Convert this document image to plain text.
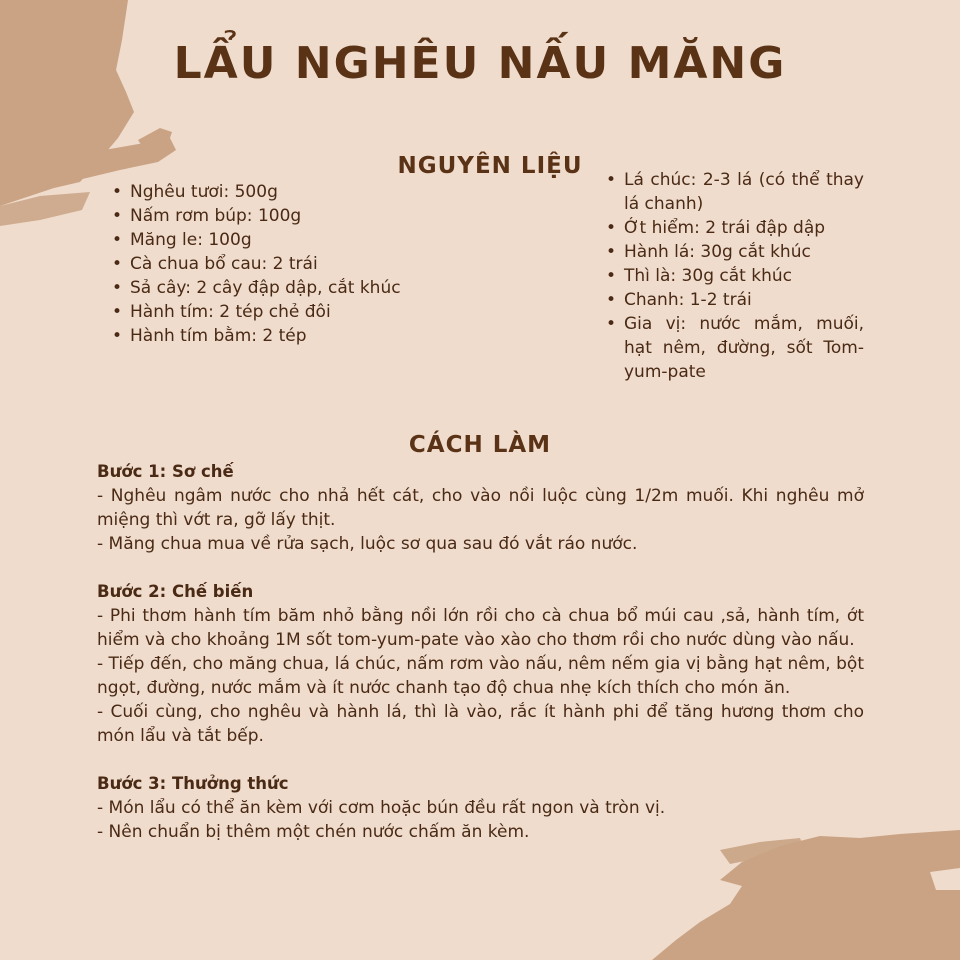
LẨU NGHÊU NẤU MĂNG
NGUYÊN LIỆU
• Nghêu tươi: 500g
• Nấm rơm búp: 100g
• Măng le: 100g
• Cà chua bổ cau: 2 trái
• Sả cây: 2 cây đập dập, cắt khúc
• Hành tím: 2 tép chẻ đôi
• Hành tím bằm: 2 tép
• Lá chúc: 2-3 lá (có thể thay lá chanh)
• Ớt hiểm: 2 trái đập dập
• Hành lá: 30g cắt khúc
• Thì là: 30g cắt khúc
• Chanh: 1-2 trái
• Gia vị: nước mắm, muối, hạt nêm, đường, sốt Tom-yum-pate
CÁCH LÀM
Bước 1: Sơ chế
- Nghêu ngâm nước cho nhả hết cát, cho vào nồi luộc cùng 1/2m muối. Khi nghêu mở miệng thì vớt ra, gỡ lấy thịt.
- Măng chua mua về rửa sạch, luộc sơ qua sau đó vắt ráo nước.
Bước 2: Chế biến
- Phi thơm hành tím băm nhỏ bằng nồi lớn rồi cho cà chua bổ múi cau ,sả, hành tím, ớt hiểm và cho khoảng 1M sốt tom-yum-pate vào xào cho thơm rồi cho nước dùng vào nấu.
- Tiếp đến, cho măng chua, lá chúc, nấm rơm vào nấu, nêm nếm gia vị bằng hạt nêm, bột ngọt, đường, nước mắm và ít nước chanh tạo độ chua nhẹ kích thích cho món ăn.
- Cuối cùng, cho nghêu và hành lá, thì là vào, rắc ít hành phi để tăng hương thơm cho món lẩu và tắt bếp.
Bước 3: Thưởng thức
- Món lẩu có thể ăn kèm với cơm hoặc bún đều rất ngon và tròn vị.
- Nên chuẩn bị thêm một chén nước chấm ăn kèm.
